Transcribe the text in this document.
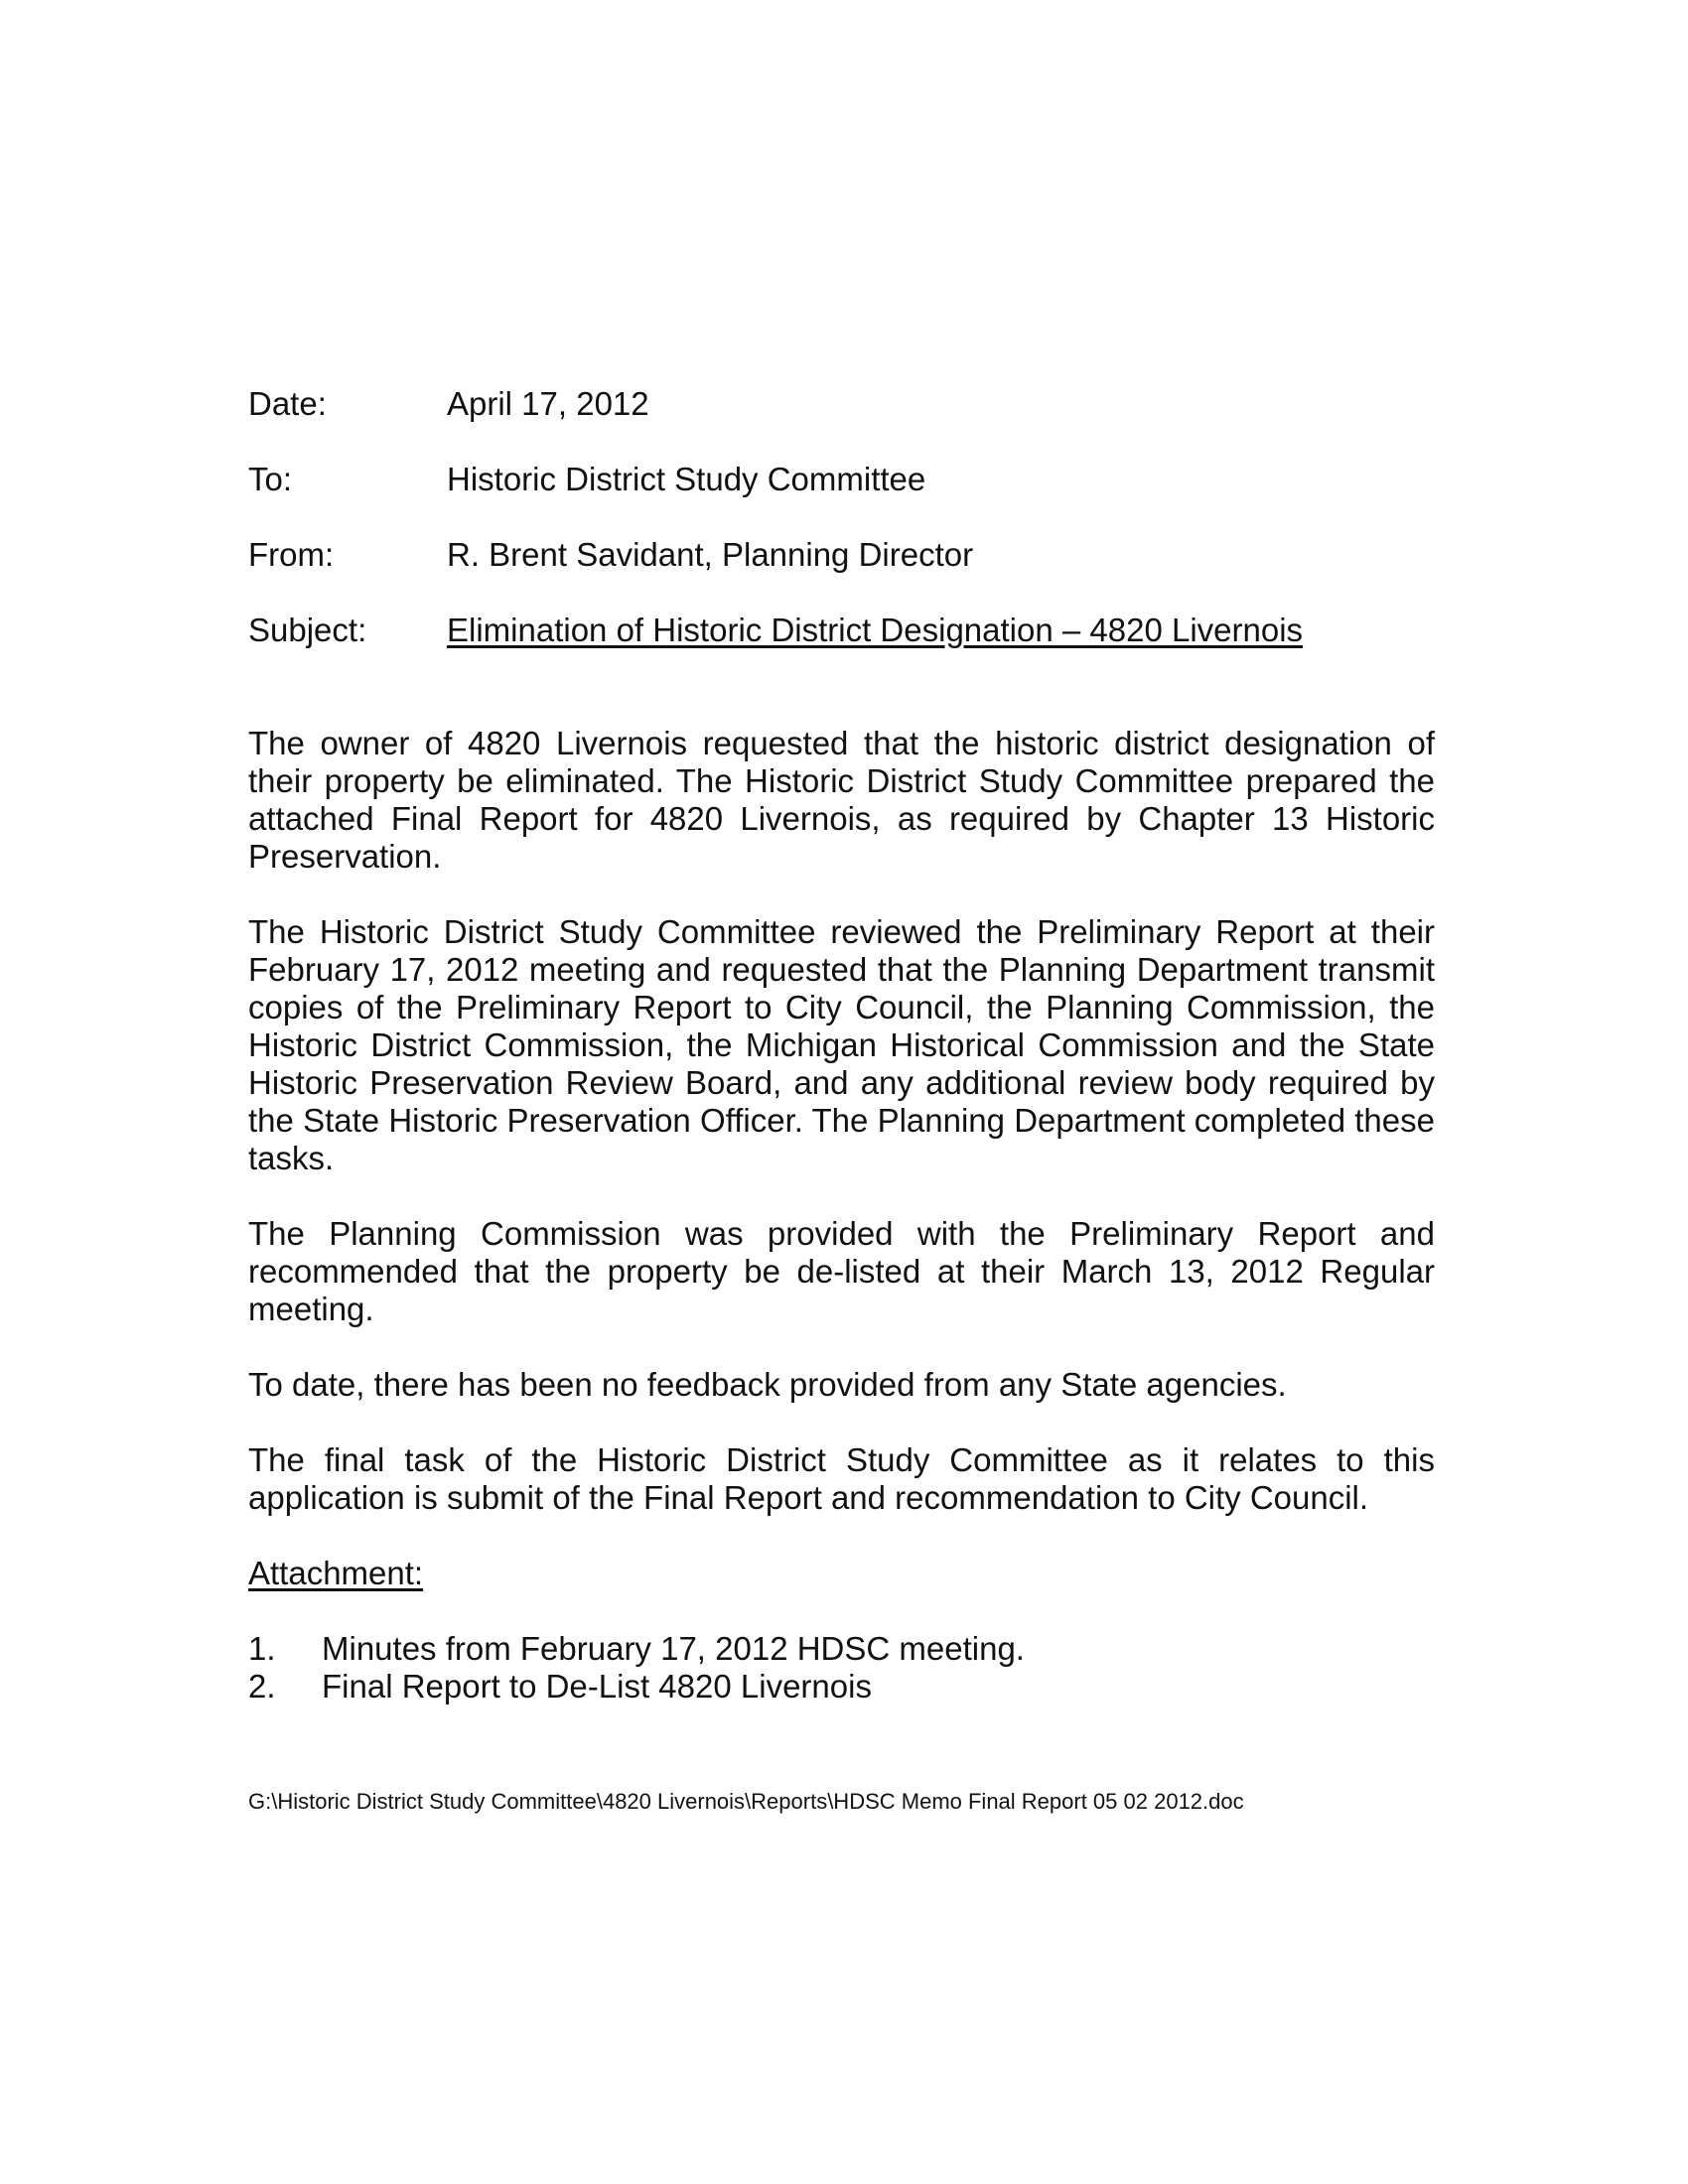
Date:	April 17, 2012
To:	Historic District Study Committee
From:	R. Brent Savidant, Planning Director
Subject:	Elimination of Historic District Designation – 4820 Livernois

The owner of 4820 Livernois requested that the historic district designation of their property be eliminated. The Historic District Study Committee prepared the attached Final Report for 4820 Livernois, as required by Chapter 13 Historic Preservation.

The Historic District Study Committee reviewed the Preliminary Report at their February 17, 2012 meeting and requested that the Planning Department transmit copies of the Preliminary Report to City Council, the Planning Commission, the Historic District Commission, the Michigan Historical Commission and the State Historic Preservation Review Board, and any additional review body required by the State Historic Preservation Officer. The Planning Department completed these tasks.

The Planning Commission was provided with the Preliminary Report and recommended that the property be de-listed at their March 13, 2012 Regular meeting.

To date, there has been no feedback provided from any State agencies.

The final task of the Historic District Study Committee as it relates to this application is submit of the Final Report and recommendation to City Council.

Attachment:
1.	Minutes from February 17, 2012 HDSC meeting.
2.	Final Report to De-List 4820 Livernois
G:\Historic District Study Committee\4820 Livernois\Reports\HDSC Memo Final Report 05 02 2012.doc
